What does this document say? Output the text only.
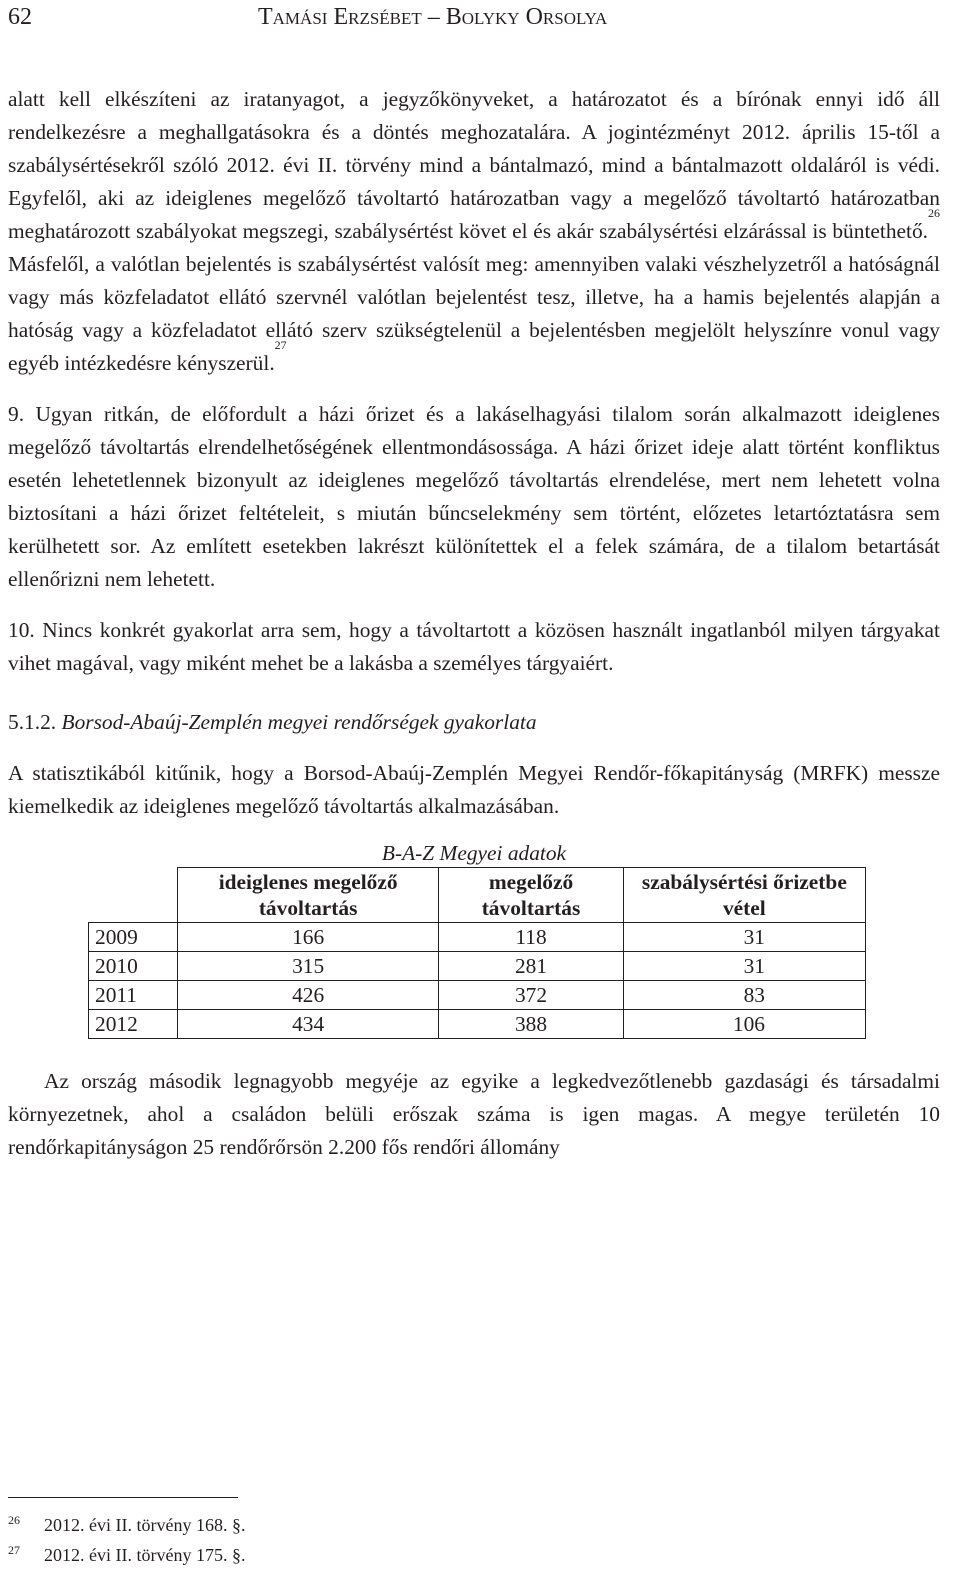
62	Tamási Erzsébet – Bolyky Orsolya

alatt kell elkészíteni az iratanyagot, a jegyzőkönyveket, a határozatot és a bírónak ennyi idő áll rendelkezésre a meghallgatásokra és a döntés meghozatalára. A jogintézményt 2012. április 15-től a szabálysértésekről szóló 2012. évi II. törvény mind a bántalmazó, mind a bántalmazott oldaláról is védi. Egyfelől, aki az ideiglenes megelőző távoltartó határozatban vagy a megelőző távoltartó határozatban meghatározott szabályokat megszegi, szabálysértést követ el és akár szabálysértési elzárással is büntethető.$^{26}$ Másfelől, a valótlan bejelentés is szabálysértést valósít meg: amennyiben valaki vészhelyzetről a hatóságnál vagy más közfeladatot ellátó szervnél valótlan bejelentést tesz, illetve, ha a hamis bejelentés alapján a hatóság vagy a közfeladatot ellátó szerv szükségtelenül a bejelentésben megjelölt helyszínre vonul vagy egyéb intézkedésre kényszerül.$^{27}$

9. Ugyan ritkán, de előfordult a házi őrizet és a lakáselhagyási tilalom során alkalmazott ideiglenes megelőző távoltartás elrendelhetőségének ellentmondásossága. A házi őrizet ideje alatt történt konfliktus esetén lehetetlennek bizonyult az ideiglenes megelőző távoltartás elrendelése, mert nem lehetett volna biztosítani a házi őrizet feltételeit, s miután bűncselekmény sem történt, előzetes letartóztatásra sem kerülhetett sor. Az említett esetekben lakrészt különítettek el a felek számára, de a tilalom betartását ellenőrizni nem lehetett.

10. Nincs konkrét gyakorlat arra sem, hogy a távoltartott a közösen használt ingatlanból milyen tárgyakat vihet magával, vagy miként mehet be a lakásba a személyes tárgyaiért.

5.1.2. Borsod-Abaúj-Zemplén megyei rendőrségek gyakorlata

A statisztikából kitűnik, hogy a Borsod-Abaúj-Zemplén Megyei Rendőr-főkapitányság (MRFK) messze kiemelkedik az ideiglenes megelőző távoltartás alkalmazásában.

B-A-Z Megyei adatok
	ideiglenes megelőző távoltartás	megelőző távoltartás	szabálysértési őrizetbe vétel
2009	166	118	31
2010	315	281	31
2011	426	372	83
2012	434	388	106

Az ország második legnagyobb megyéje az egyike a legkedvezőtlenebb gazdasági és társadalmi környezetnek, ahol a családon belüli erőszak száma is igen magas. A megye területén 10 rendőrkapitányságon 25 rendőrőrsön 2.200 fős rendőri állomány

26 2012. évi II. törvény 168. §.
27 2012. évi II. törvény 175. §.
